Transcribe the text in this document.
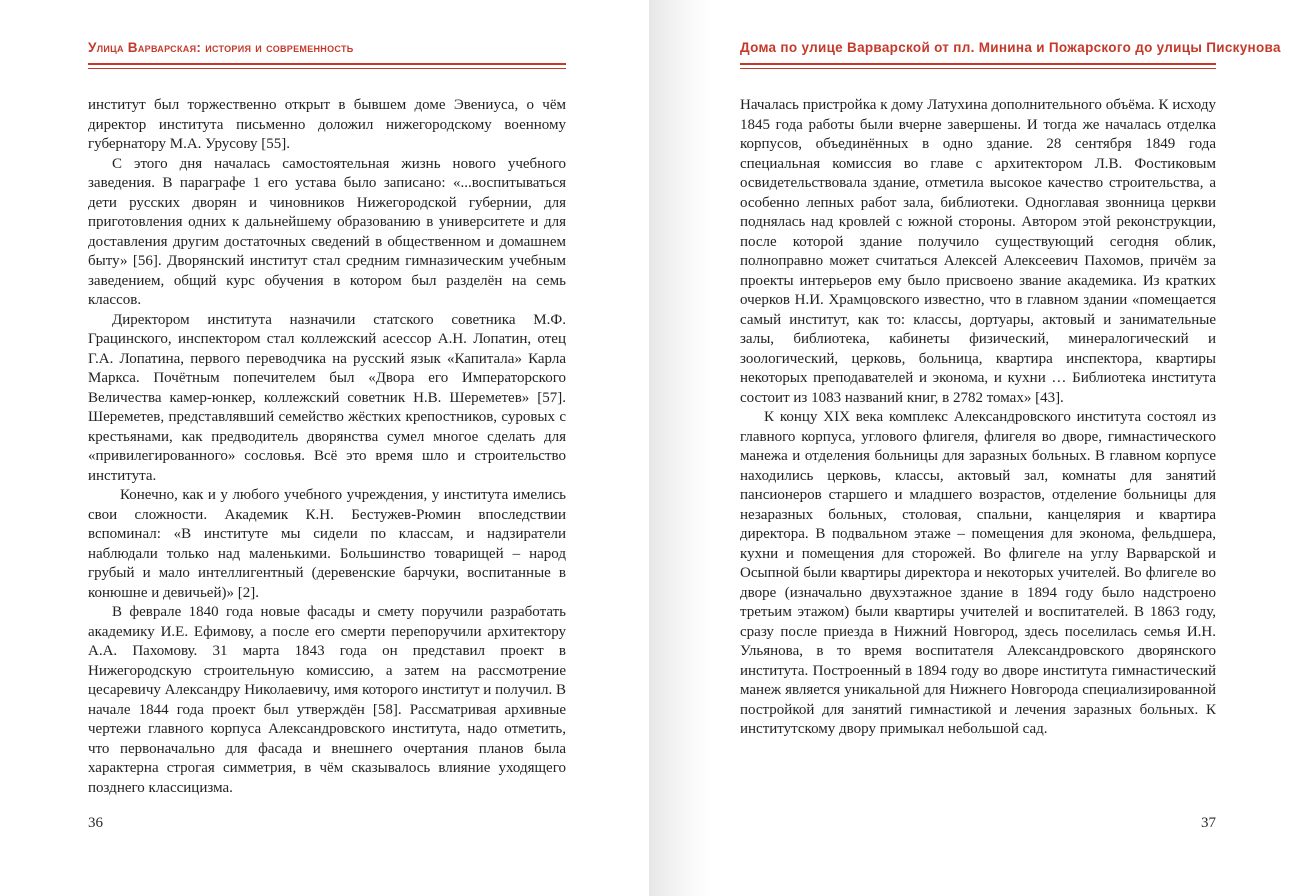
Улица Варварская: история и современность

институт был торжественно открыт в бывшем доме Эвениуса, о чём директор института письменно доложил нижегородскому военному губернатору М.А. Урусову [55].

С этого дня началась самостоятельная жизнь нового учебного заведения. В параграфе 1 его устава было записано: «...воспитываться дети русских дворян и чиновников Нижегородской губернии, для приготовления одних к дальнейшему образованию в университете и для доставления другим достаточных сведений в общественном и домашнем быту» [56]. Дворянский институт стал средним гимназическим учебным заведением, общий курс обучения в котором был разделён на семь классов.

Директором института назначили статского советника М.Ф. Грацинского, инспектором стал коллежский асессор А.Н. Лопатин, отец Г.А. Лопатина, первого переводчика на русский язык «Капитала» Карла Маркса. Почётным попечителем был «Двора его Императорского Величества камер-юнкер, коллежский советник Н.В. Шереметев» [57]. Шереметев, представлявший семейство жёстких крепостников, суровых с крестьянами, как предводитель дворянства сумел многое сделать для «привилегированного» сословья. Всё это время шло и строительство института.

Конечно, как и у любого учебного учреждения, у института имелись свои сложности. Академик К.Н. Бестужев-Рюмин впоследствии вспоминал: «В институте мы сидели по классам, и надзиратели наблюдали только над маленькими. Большинство товарищей – народ грубый и мало интеллигентный (деревенские барчуки, воспитанные в конюшне и девичьей)» [2].

В феврале 1840 года новые фасады и смету поручили разработать академику И.Е. Ефимову, а после его смерти перепоручили архитектору А.А. Пахомову. 31 марта 1843 года он представил проект в Нижегородскую строительную комиссию, а затем на рассмотрение цесаревичу Александру Николаевичу, имя которого институт и получил. В начале 1844 года проект был утверждён [58]. Рассматривая архивные чертежи главного корпуса Александровского института, надо отметить, что первоначально для фасада и внешнего очертания планов была характерна строгая симметрия, в чём сказывалось влияние уходящего позднего классицизма.

36
Дома по улице Варварской от пл. Минина и Пожарского до улицы Пискунова

Началась пристройка к дому Латухина дополнительного объёма. К исходу 1845 года работы были вчерне завершены. И тогда же началась отделка корпусов, объединённых в одно здание. 28 сентября 1849 года специальная комиссия во главе с архитектором Л.В. Фостиковым освидетельствовала здание, отметила высокое качество строительства, а особенно лепных работ зала, библиотеки. Одноглавая звонница церкви поднялась над кровлей с южной стороны. Автором этой реконструкции, после которой здание получило существующий сегодня облик, полноправно может считаться Алексей Алексеевич Пахомов, причём за проекты интерьеров ему было присвоено звание академика. Из кратких очерков Н.И. Храмцовского известно, что в главном здании «помещается самый институт, как то: классы, дортуары, актовый и занимательные залы, библиотека, кабинеты физический, минералогический и зоологический, церковь, больница, квартира инспектора, квартиры некоторых преподавателей и эконома, и кухни … Библиотека института состоит из 1083 названий книг, в 2782 томах» [43].

К концу XIX века комплекс Александровского института состоял из главного корпуса, углового флигеля, флигеля во дворе, гимнастического манежа и отделения больницы для заразных больных. В главном корпусе находились церковь, классы, актовый зал, комнаты для занятий пансионеров старшего и младшего возрастов, отделение больницы для незаразных больных, столовая, спальни, канцелярия и квартира директора. В подвальном этаже – помещения для эконома, фельдшера, кухни и помещения для сторожей. Во флигеле на углу Варварской и Осыпной были квартиры директора и некоторых учителей. Во флигеле во дворе (изначально двухэтажное здание в 1894 году было надстроено третьим этажом) были квартиры учителей и воспитателей. В 1863 году, сразу после приезда в Нижний Новгород, здесь поселилась семья И.Н. Ульянова, в то время воспитателя Александровского дворянского института. Построенный в 1894 году во дворе института гимнастический манеж является уникальной для Нижнего Новгорода специализированной постройкой для занятий гимнастикой и лечения заразных больных. К институтскому двору примыкал небольшой сад.

37
